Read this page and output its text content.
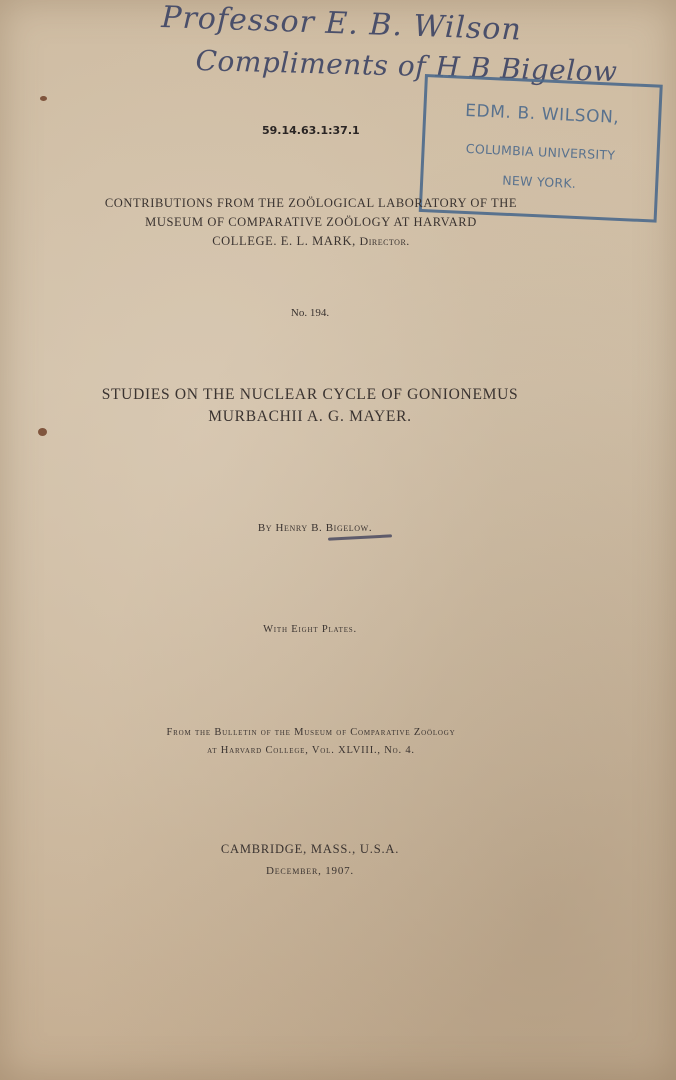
Professor E. B. Wilson
Compliments of H B Bigelow
EDM. B. WILSON,
COLUMBIA UNIVERSITY
NEW YORK.
59.14.63.1:37.1
CONTRIBUTIONS FROM THE ZOÖLOGICAL LABORATORY OF THE
MUSEUM OF COMPARATIVE ZOÖLOGY AT HARVARD
COLLEGE. E. L. MARK, Director.
No. 194.
STUDIES ON THE NUCLEAR CYCLE OF GONIONEMUS
MURBACHII A. G. MAYER.
By Henry B. Bigelow.
With Eight Plates.
From the Bulletin of the Museum of Comparative Zoölogy
at Harvard College, Vol. XLVIII., No. 4.
CAMBRIDGE, MASS., U.S.A.
December, 1907.
